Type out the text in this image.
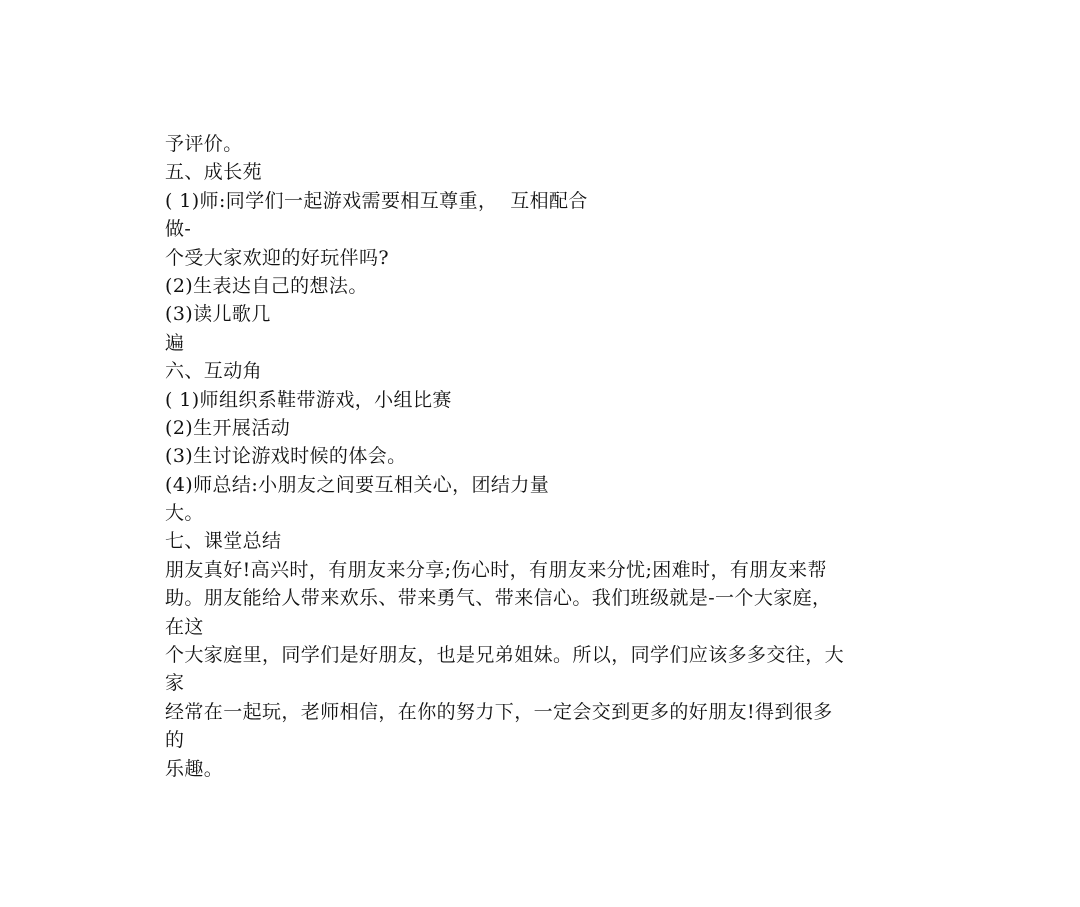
予评价。
五、成长苑
( 1)师:同学们一起游戏需要相互尊重，  互相配合
做-
个受大家欢迎的好玩伴吗?
(2)生表达自己的想法。
(3)读儿歌几
遍
六、互动角
( 1)师组织系鞋带游戏，小组比赛
(2)生开展活动
(3)生讨论游戏时候的体会。
(4)师总结:小朋友之间要互相关心，团结力量
大。
七、课堂总结
朋友真好!高兴时，有朋友来分享;伤心时，有朋友来分忧;困难时，有朋友来帮
助。朋友能给人带来欢乐、带来勇气、带来信心。我们班级就是-一个大家庭，
在这
个大家庭里，同学们是好朋友，也是兄弟姐妹。所以，同学们应该多多交往，大
家
经常在一起玩，老师相信，在你的努力下，一定会交到更多的好朋友!得到很多
的
乐趣。
